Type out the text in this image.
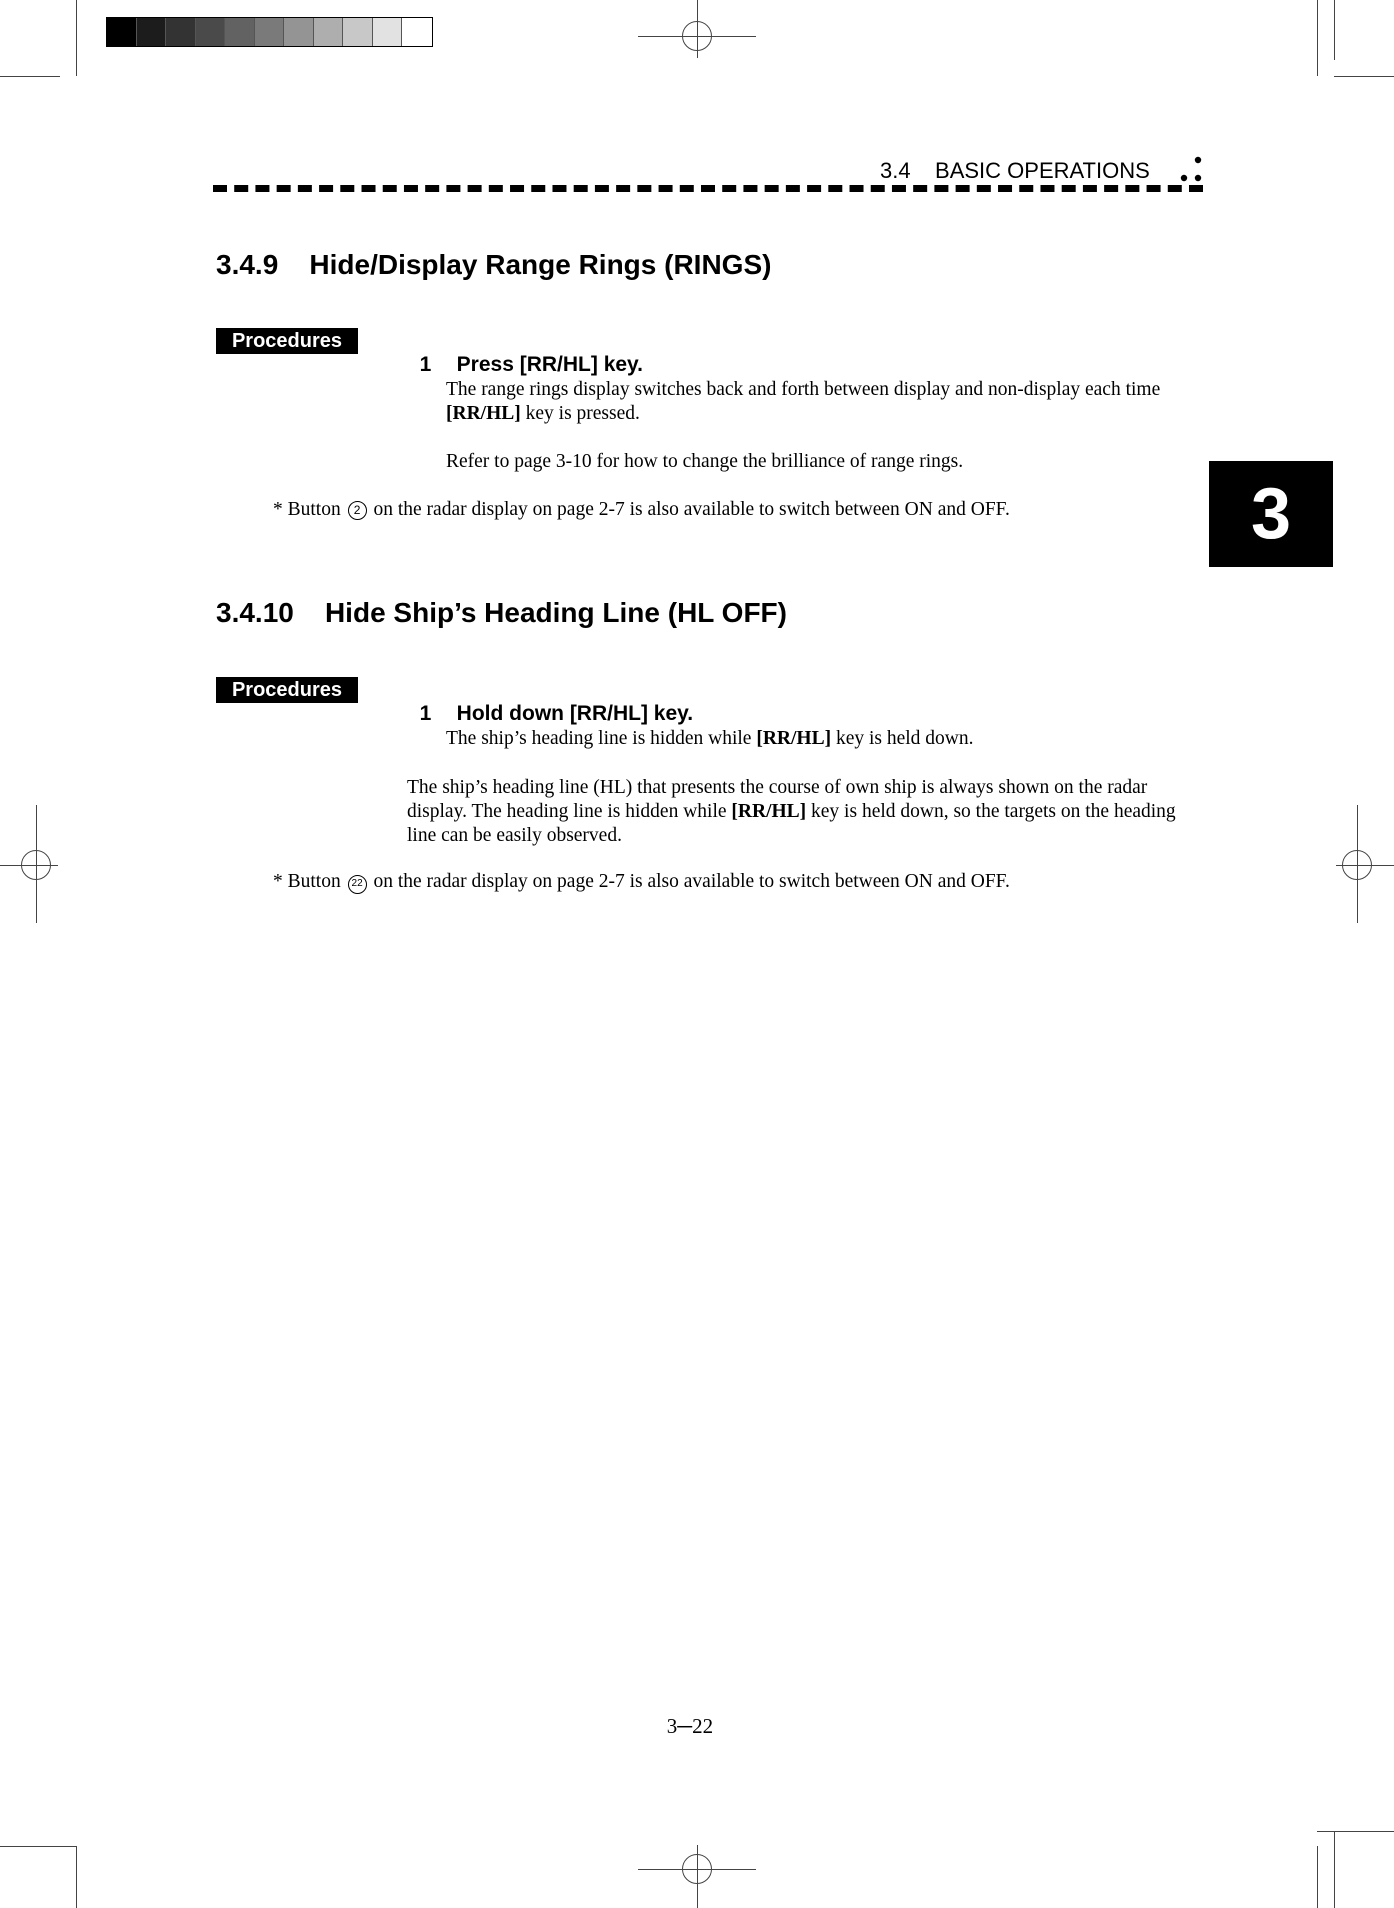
3.4    BASIC OPERATIONS
3
3.4.9    Hide/Display Range Rings (RINGS)
Procedures

1 Press [RR/HL] key.

The range rings display switches back and forth between display and non-display each time [RR/HL] key is pressed.
Refer to page 3-10 for how to change the brilliance of range rings.
* Button 2 on the radar display on page 2-7 is also available to switch between ON and OFF.
3.4.10    Hide Ship’s Heading Line (HL OFF)
Procedures

1 Hold down [RR/HL] key.

The ship’s heading line is hidden while [RR/HL] key is held down.
The ship’s heading line (HL) that presents the course of own ship is always shown on the radar display. The heading line is hidden while [RR/HL] key is held down, so the targets on the heading line can be easily observed.
* Button 22 on the radar display on page 2-7 is also available to switch between ON and OFF.
3─22
